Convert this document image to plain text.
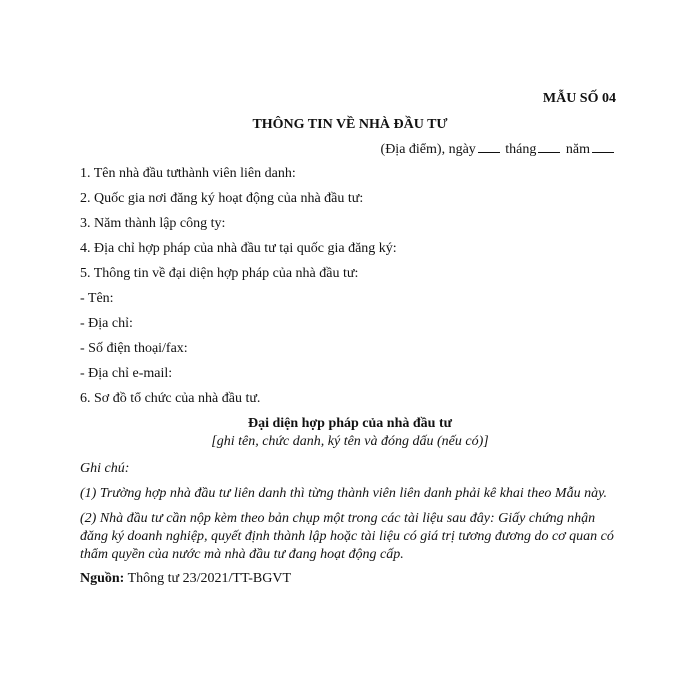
MẪU SỐ 04
THÔNG TIN VỀ NHÀ ĐẦU TƯ
(Địa điểm), ngày tháng năm
1. Tên nhà đầu tưthành viên liên danh:
2. Quốc gia nơi đăng ký hoạt động của nhà đầu tư:
3. Năm thành lập công ty:
4. Địa chỉ hợp pháp của nhà đầu tư tại quốc gia đăng ký:
5. Thông tin về đại diện hợp pháp của nhà đầu tư:
- Tên:
- Địa chỉ:
- Số điện thoại/fax:
- Địa chỉ e-mail:
6. Sơ đồ tổ chức của nhà đầu tư.
Đại diện hợp pháp của nhà đầu tư
[ghi tên, chức danh, ký tên và đóng dấu (nếu có)]
Ghi chú:
(1) Trường hợp nhà đầu tư liên danh thì từng thành viên liên danh phải kê khai theo Mẫu này.
(2) Nhà đầu tư cần nộp kèm theo bản chụp một trong các tài liệu sau đây: Giấy chứng nhận đăng ký doanh nghiệp, quyết định thành lập hoặc tài liệu có giá trị tương đương do cơ quan có thẩm quyền của nước mà nhà đầu tư đang hoạt động cấp.
Nguồn: Thông tư 23/2021/TT-BGVT
